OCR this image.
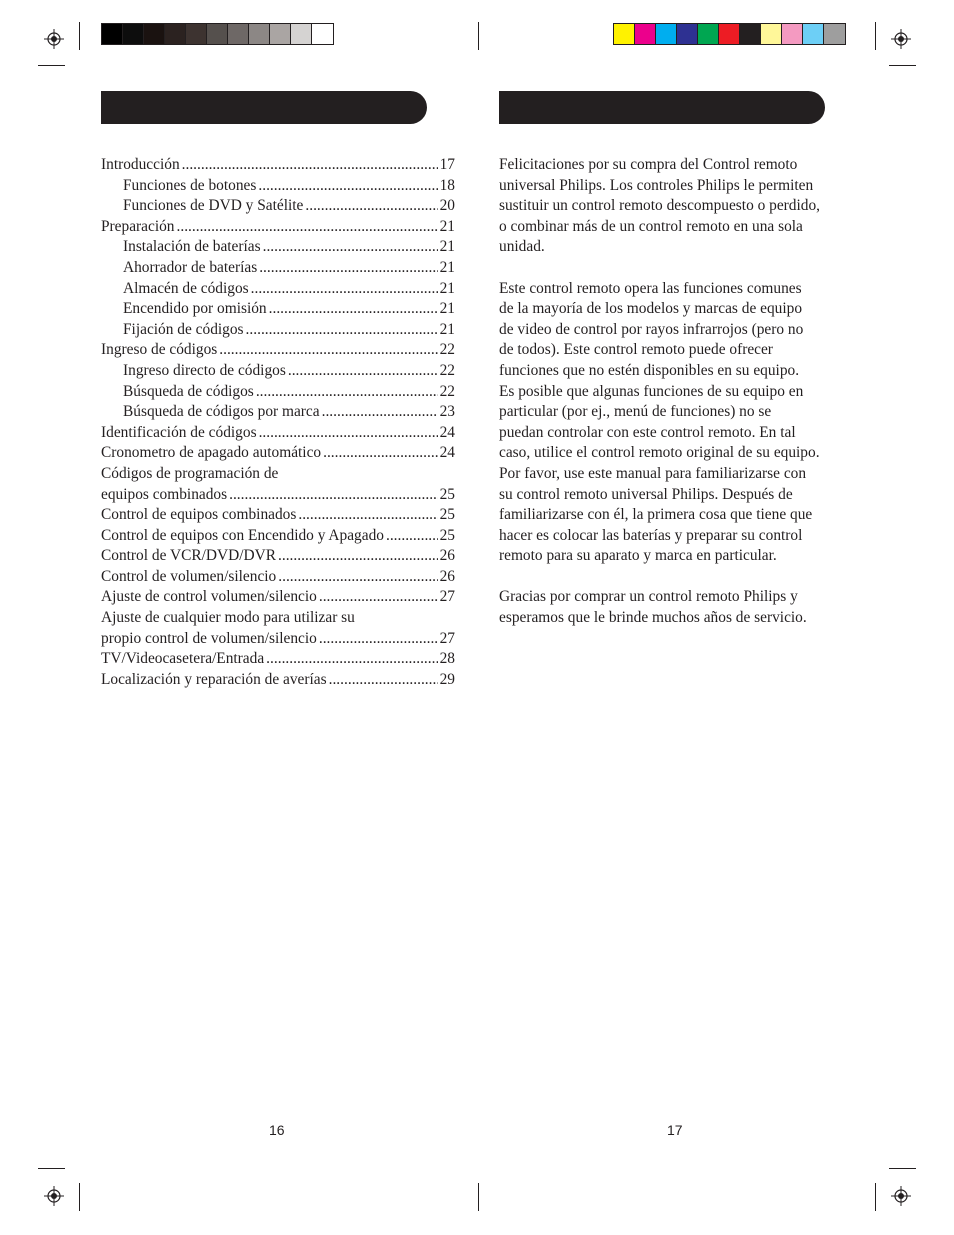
Introducción .....	17
Funciones de botones .....	18
Funciones de DVD y Satélite .....	20
Preparación .....	21
Instalación de baterías .....	21
Ahorrador de baterías .....	21
Almacén de códigos .....	21
Encendido por omisión .....	21
Fijación de códigos .....	21
Ingreso de códigos .....	22
Ingreso directo de códigos .....	22
Búsqueda de códigos .....	22
Búsqueda de códigos por marca .....	23
Identificación de códigos .....	24
Cronometro de apagado automático .....	24
Códigos de programación de
equipos combinados .....	25
Control de equipos combinados .....	25
Control de equipos con Encendido y Apagado .....	25
Control de VCR/DVD/DVR .....	26
Control de volumen/silencio .....	26
Ajuste de control volumen/silencio .....	27
Ajuste de cualquier modo para utilizar su
propio control de volumen/silencio .....	27
TV/Videocasetera/Entrada .....	28
Localización y reparación de averías .....	29

Felicitaciones por su compra del Control remoto
universal Philips. Los controles Philips le permiten
sustituir un control remoto descompuesto o perdido,
o combinar más de un control remoto en una sola
unidad.

Este control remoto opera las funciones comunes
de la mayoría de los modelos y marcas de equipo
de video de control por rayos infrarrojos (pero no
de todos). Este control remoto puede ofrecer
funciones que no estén disponibles en su equipo.
Es posible que algunas funciones de su equipo en
particular (por ej., menú de funciones) no se
puedan controlar con este control remoto. En tal
caso, utilice el control remoto original de su equipo.
Por favor, use este manual para familiarizarse con
su control remoto universal Philips. Después de
familiarizarse con él, la primera cosa que tiene que
hacer es colocar las baterías y preparar su control
remoto para su aparato y marca en particular.

Gracias por comprar un control remoto Philips y
esperamos que le brinde muchos años de servicio.

16	17
